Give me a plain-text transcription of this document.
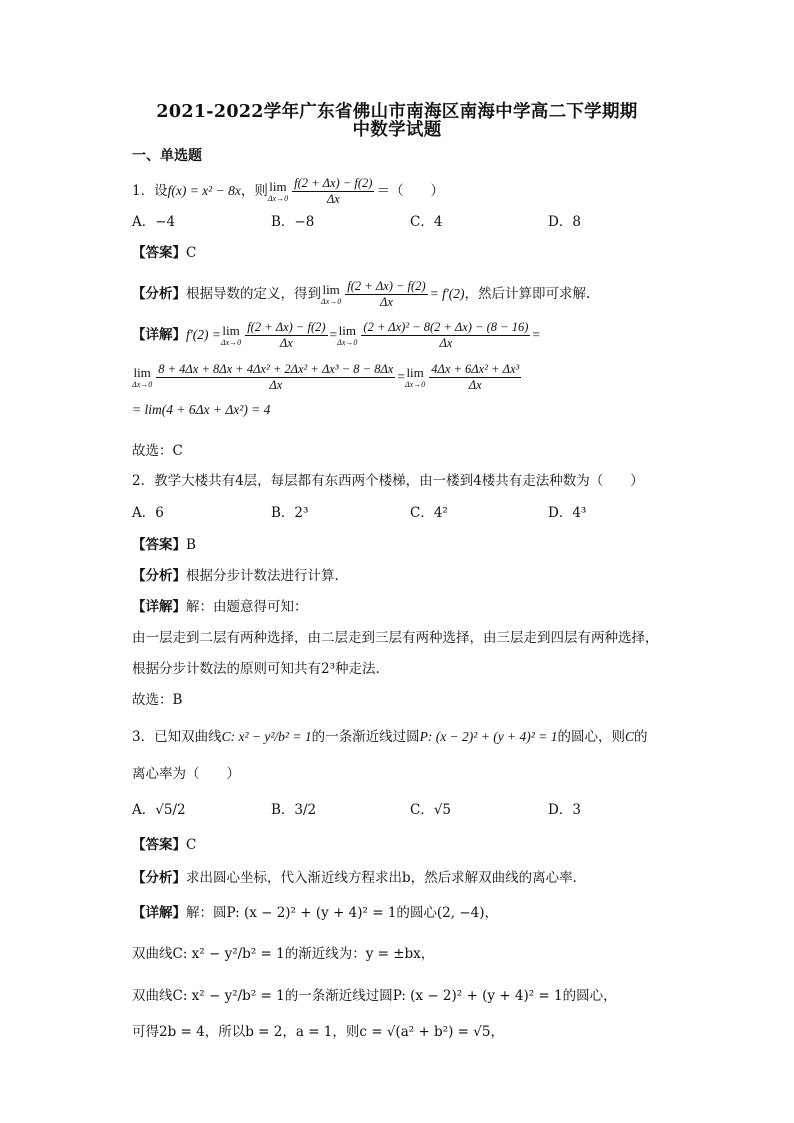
2021-2022学年广东省佛山市南海区南海中学高二下学期期
中数学试题
一、单选题
1．设f(x) = x² − 8x，则 lim
$\Delta x\to 0 \frac{f(2 + \Delta x) - f(2)}{\Delta x}$ ＝（　　）
A．−4	B．−8	C．4	D．8
【答案】C
【分析】根据导数的定义，得到 lim
$\Delta x\to 0 \frac{f(2 + \Delta x) - f(2)}{\Delta x} = f'(2)$，然后计算即可求解.
【详解】f′(2) = lim
$\Delta x\to 0 \frac{f(2 + \Delta x) - f(2)}{\Delta x} = \lim$
$\Delta x\to 0 \frac{\text{(2 + Δx)² − 8(2 + Δx) − (8 − 16)}}{\Delta x}$ =
lim
$\Delta x\to 0 \frac{\text{8 + 4Δx + 8Δx + 4Δx² + 2Δx² + Δx³ − 8 − 8Δx}}{\Delta x} = \lim$
$\Delta x\to 0 \frac{\text{4Δx + 6Δx² + Δx³}}{\Delta x}$
= lim(4 + 6Δx + Δx²) = 4
故选：C
2．教学大楼共有4层，每层都有东西两个楼梯，由一楼到4楼共有走法种数为（　　）
A．6	B．2³	C．4²	D．4³
【答案】B
【分析】根据分步计数法进行计算.
【详解】解：由题意得可知：
由一层走到二层有两种选择，由二层走到三层有两种选择，由三层走到四层有两种选择，
根据分步计数法的原则可知共有2³种走法.
故选：B
3．已知双曲线C: x² − y²/b² = 1的一条渐近线过圆P: (x − 2)² + (y + 4)² = 1的圆心，则C的
离心率为（　　）
A．√5/2	B．3/2	C．√5	D．3
【答案】C
【分析】求出圆心坐标，代入渐近线方程求出b，然后求解双曲线的离心率．
【详解】解：圆P: (x − 2)² + (y + 4)² = 1的圆心(2, −4)，
双曲线C: x² − y²/b² = 1的渐近线为：y = ±bx，
双曲线C: x² − y²/b² = 1的一条渐近线过圆P: (x − 2)² + (y + 4)² = 1的圆心，
可得2b = 4，所以b = 2，a = 1，则c = √(a² + b²) = √5，
